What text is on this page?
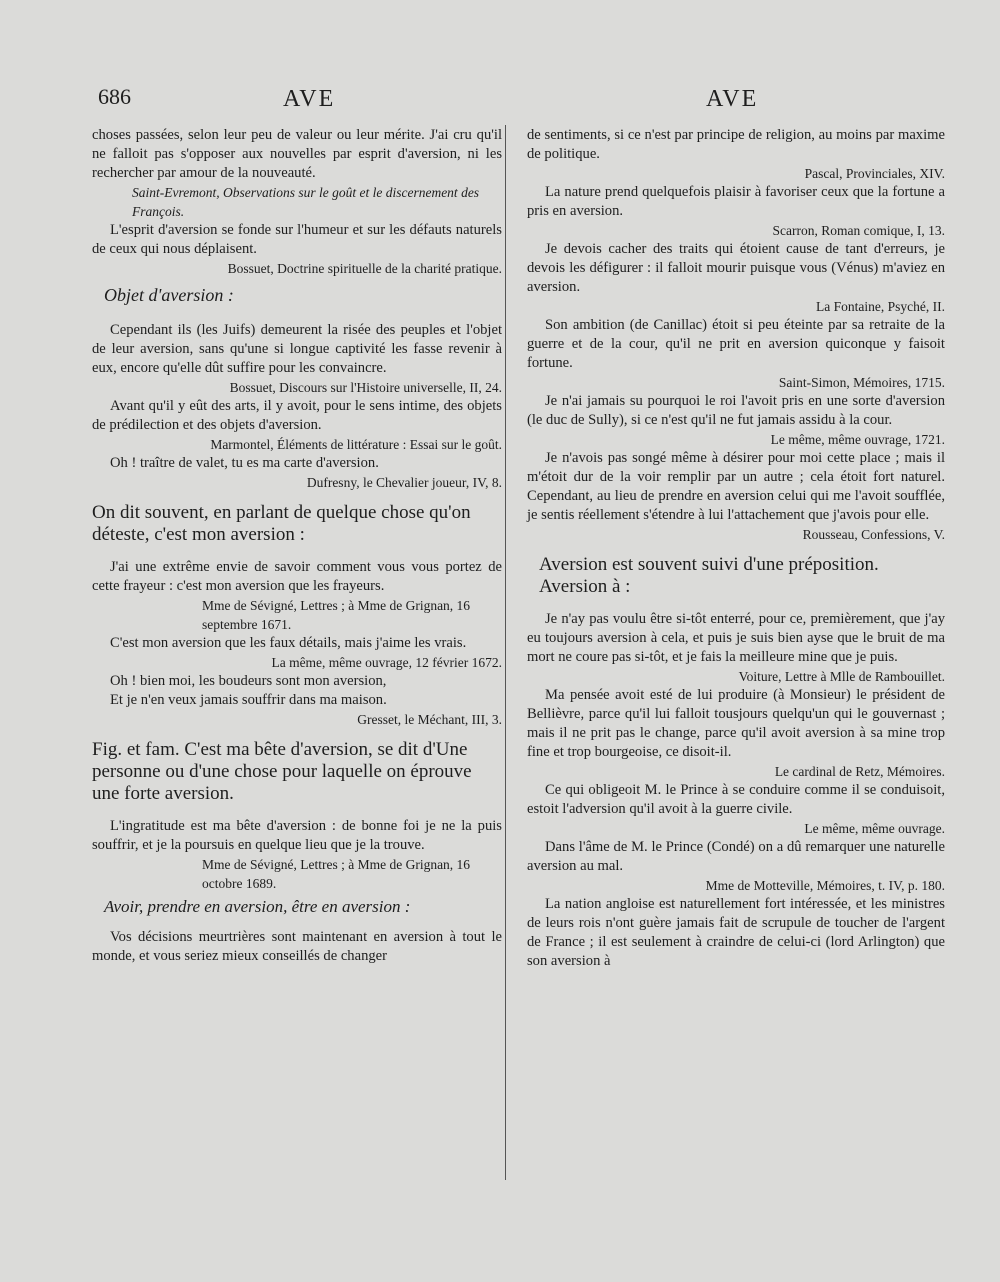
686	AVE	AVE

choses passées, selon leur peu de valeur ou leur mérite. J'ai cru qu'il ne falloit pas s'opposer aux nouvelles par esprit d'aversion, ni les rechercher par amour de la nouveauté.

Saint-Evremont, Observations sur le goût et le discernement des François.

L'esprit d'aversion se fonde sur l'humeur et sur les défauts naturels de ceux qui nous déplaisent.

Bossuet, Doctrine spirituelle de la charité pratique.

Objet d'aversion :

Cependant ils (les Juifs) demeurent la risée des peuples et l'objet de leur aversion, sans qu'une si longue captivité les fasse revenir à eux, encore qu'elle dût suffire pour les convaincre.

Bossuet, Discours sur l'Histoire universelle, II, 24.

Avant qu'il y eût des arts, il y avoit, pour le sens intime, des objets de prédilection et des objets d'aversion.

Marmontel, Éléments de littérature : Essai sur le goût.

Oh ! traître de valet, tu es ma carte d'aversion.

Dufresny, le Chevalier joueur, IV, 8.

On dit souvent, en parlant de quelque chose qu'on déteste, c'est mon aversion :

J'ai une extrême envie de savoir comment vous vous portez de cette frayeur : c'est mon aversion que les frayeurs.

Mme de Sévigné, Lettres ; à Mme de Grignan, 16 septembre 1671.

C'est mon aversion que les faux détails, mais j'aime les vrais.

La même, même ouvrage, 12 février 1672.

Oh ! bien moi, les boudeurs sont mon aversion,

Et je n'en veux jamais souffrir dans ma maison.

Gresset, le Méchant, III, 3.

Fig. et fam. C'est ma bête d'aversion, se dit d'Une personne ou d'une chose pour laquelle on éprouve une forte aversion.

L'ingratitude est ma bête d'aversion : de bonne foi je ne la puis souffrir, et je la poursuis en quelque lieu que je la trouve.

Mme de Sévigné, Lettres ; à Mme de Grignan, 16 octobre 1689.

Avoir, prendre en aversion, être en aversion :

Vos décisions meurtrières sont maintenant en aversion à tout le monde, et vous seriez mieux conseillés de changer

de sentiments, si ce n'est par principe de religion, au moins par maxime de politique.

Pascal, Provinciales, XIV.

La nature prend quelquefois plaisir à favoriser ceux que la fortune a pris en aversion.

Scarron, Roman comique, I, 13.

Je devois cacher des traits qui étoient cause de tant d'erreurs, je devois les défigurer : il falloit mourir puisque vous (Vénus) m'aviez en aversion.

La Fontaine, Psyché, II.

Son ambition (de Canillac) étoit si peu éteinte par sa retraite de la guerre et de la cour, qu'il ne prit en aversion quiconque y faisoit fortune.

Saint-Simon, Mémoires, 1715.

Je n'ai jamais su pourquoi le roi l'avoit pris en une sorte d'aversion (le duc de Sully), si ce n'est qu'il ne fut jamais assidu à la cour.

Le même, même ouvrage, 1721.

Je n'avois pas songé même à désirer pour moi cette place ; mais il m'étoit dur de la voir remplir par un autre ; cela étoit fort naturel. Cependant, au lieu de prendre en aversion celui qui me l'avoit soufflée, je sentis réellement s'étendre à lui l'attachement que j'avois pour elle.

Rousseau, Confessions, V.

Aversion est souvent suivi d'une préposition. Aversion à :

Je n'ay pas voulu être si-tôt enterré, pour ce, premièrement, que j'ay eu toujours aversion à cela, et puis je suis bien ayse que le bruit de ma mort ne coure pas si-tôt, et je fais la meilleure mine que je puis.

Voiture, Lettre à Mlle de Rambouillet.

Ma pensée avoit esté de lui produire (à Monsieur) le président de Bellièvre, parce qu'il lui falloit tousjours quelqu'un qui le gouvernast ; mais il ne prit pas le change, parce qu'il avoit aversion à sa mine trop fine et trop bourgeoise, ce disoit-il.

Le cardinal de Retz, Mémoires.

Ce qui obligeoit M. le Prince à se conduire comme il se conduisoit, estoit l'adversion qu'il avoit à la guerre civile.

Le même, même ouvrage.

Dans l'âme de M. le Prince (Condé) on a dû remarquer une naturelle aversion au mal.

Mme de Motteville, Mémoires, t. IV, p. 180.

La nation angloise est naturellement fort intéressée, et les ministres de leurs rois n'ont guère jamais fait de scrupule de toucher de l'argent de France ; il est seulement à craindre de celui-ci (lord Arlington) que son aversion à
